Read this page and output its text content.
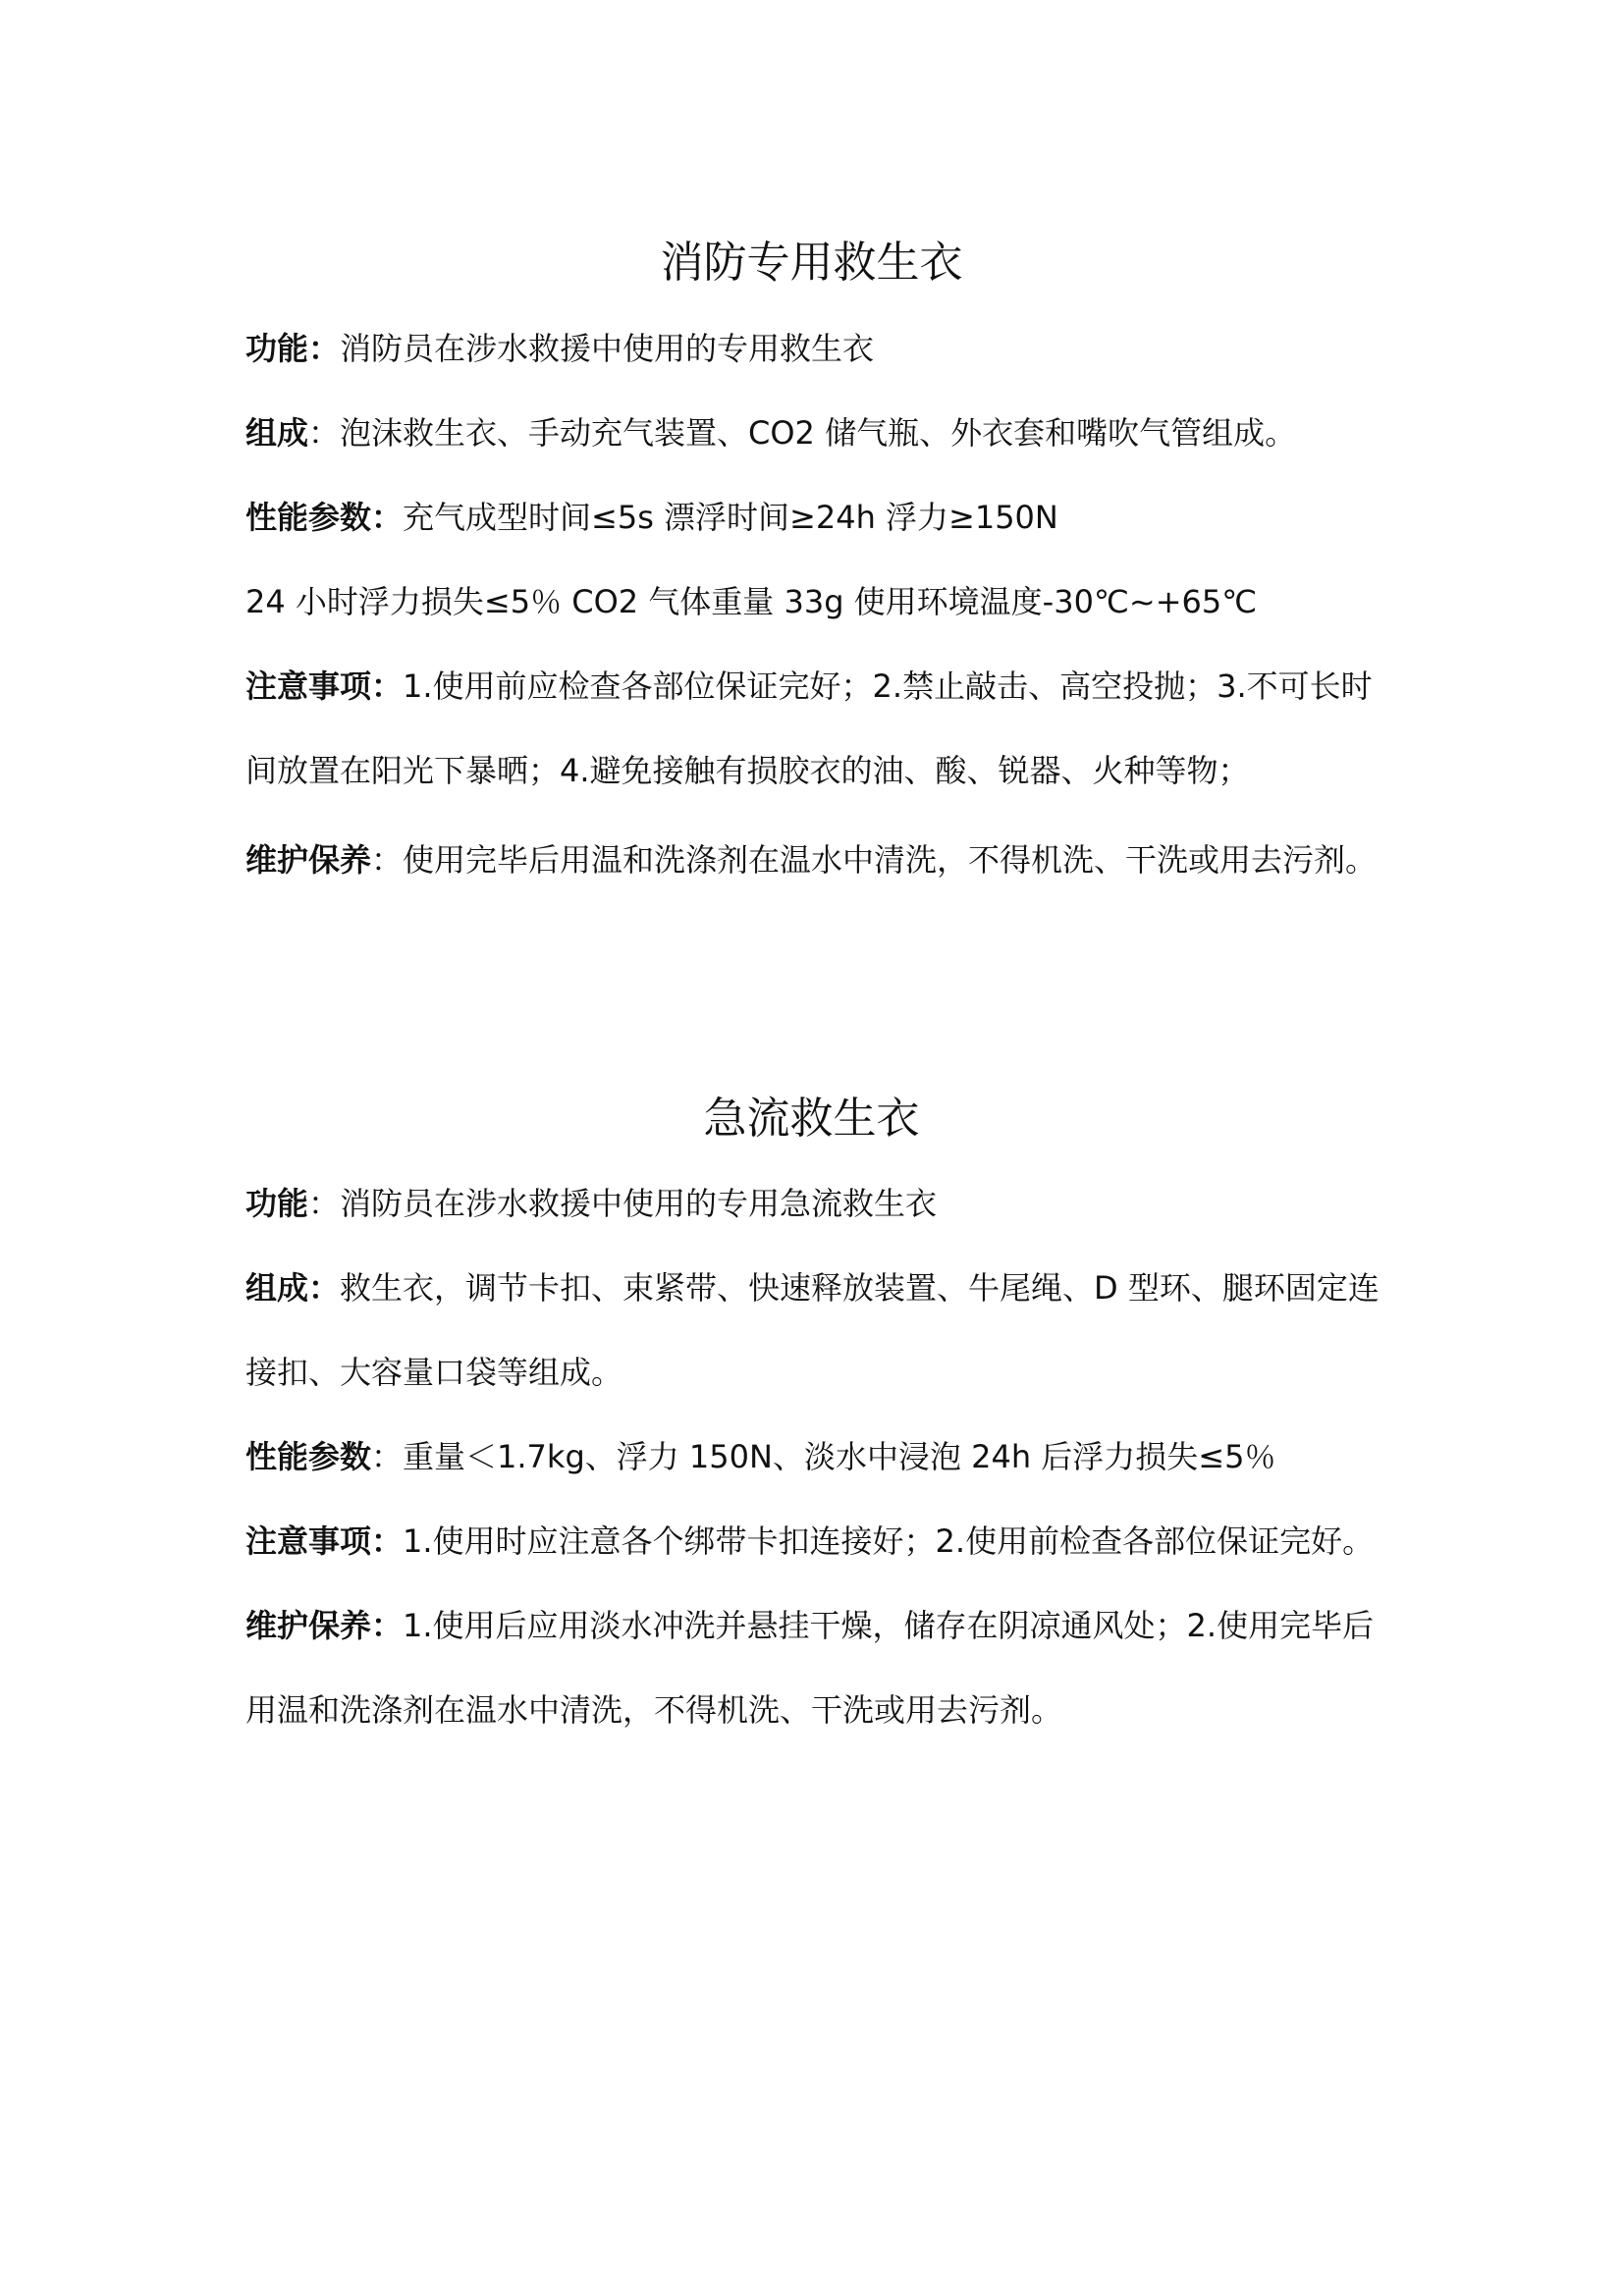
消防专用救生衣

功能：消防员在涉水救援中使用的专用救生衣

组成：泡沫救生衣、手动充气装置、CO2 储气瓶、外衣套和嘴吹气管组成。

性能参数：充气成型时间≤5s 漂浮时间≥24h 浮力≥150N

24 小时浮力损失≤5％ CO2 气体重量 33g 使用环境温度-30℃~+65℃

注意事项：1.使用前应检查各部位保证完好；2.禁止敲击、高空投抛；3.不可长时间放置在阳光下暴晒；4.避免接触有损胶衣的油、酸、锐器、火种等物；

维护保养：使用完毕后用温和洗涤剂在温水中清洗，不得机洗、干洗或用去污剂。

急流救生衣

功能：消防员在涉水救援中使用的专用急流救生衣

组成：救生衣，调节卡扣、束紧带、快速释放装置、牛尾绳、D 型环、腿环固定连接扣、大容量口袋等组成。

性能参数：重量＜1.7kg、浮力 150N、淡水中浸泡 24h 后浮力损失≤5％

注意事项：1.使用时应注意各个绑带卡扣连接好；2.使用前检查各部位保证完好。

维护保养：1.使用后应用淡水冲洗并悬挂干燥，储存在阴凉通风处；2.使用完毕后用温和洗涤剂在温水中清洗，不得机洗、干洗或用去污剂。
